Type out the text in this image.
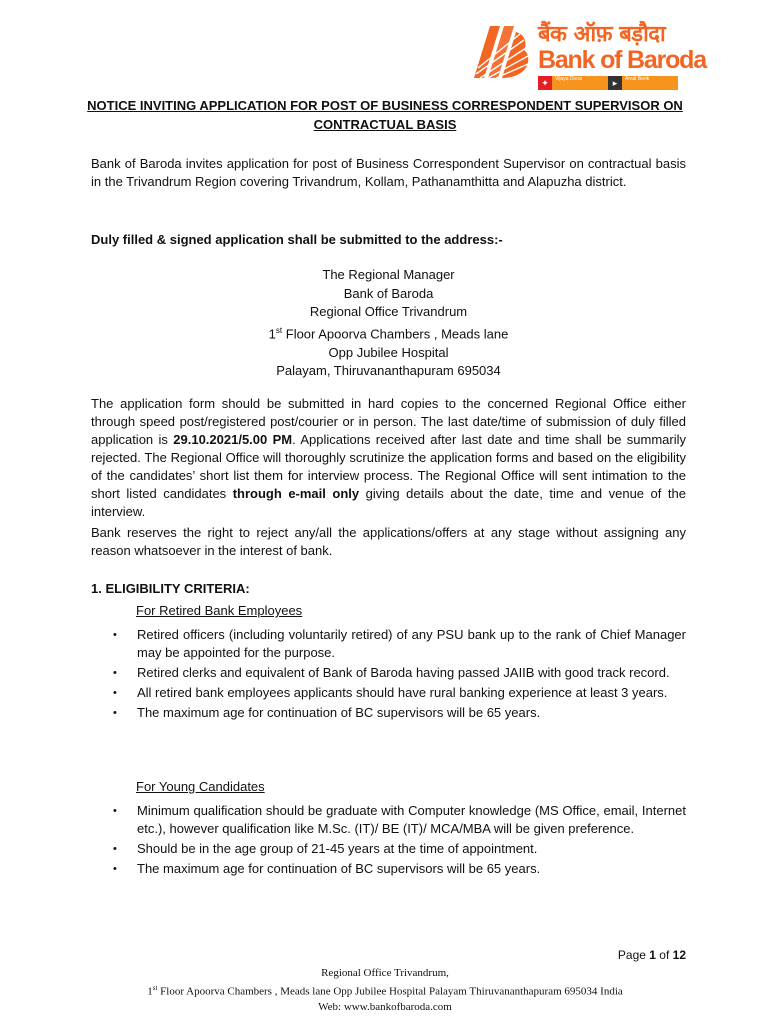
बैंक ऑफ़ बड़ौदा
Bank of Baroda
✦	Vijaya Dena	▸	Amal Bank
NOTICE INVITING APPLICATION FOR POST OF BUSINESS CORRESPONDENT SUPERVISOR ON
CONTRACTUAL BASIS

Bank of Baroda invites application for post of Business Correspondent Supervisor on contractual basis in the Trivandrum Region covering Trivandrum, Kollam, Pathanamthitta and Alapuzha district.

Duly filled & signed application shall be submitted to the address:-

The Regional Manager
Bank of Baroda
Regional Office Trivandrum
1st Floor Apoorva Chambers , Meads lane
Opp Jubilee Hospital
Palayam, Thiruvananthapuram 695034

The application form should be submitted in hard copies to the concerned Regional Office either through speed post/registered post/courier or in person. The last date/time of submission of duly filled application is 29.10.2021/5.00 PM. Applications received after last date and time shall be summarily rejected. The Regional Office will thoroughly scrutinize the application forms and based on the eligibility of the candidates’ short list them for interview process. The Regional Office will sent intimation to the short listed candidates through e-mail only giving details about the date, time and venue of the interview.

Bank reserves the right to reject any/all the applications/offers at any stage without assigning any reason whatsoever in the interest of bank.

1. ELIGIBILITY CRITERIA:
For Retired Bank Employees
• Retired officers (including voluntarily retired) of any PSU bank up to the rank of Chief Manager may be appointed for the purpose.
• Retired clerks and equivalent of Bank of Baroda having passed JAIIB with good track record.
• All retired bank employees applicants should have rural banking experience at least 3 years.
• The maximum age for continuation of BC supervisors will be 65 years.
For Young Candidates
• Minimum qualification should be graduate with Computer knowledge (MS Office, email, Internet etc.), however qualification like M.Sc. (IT)/ BE (IT)/ MCA/MBA will be given preference.
• Should be in the age group of 21-45 years at the time of appointment.
• The maximum age for continuation of BC supervisors will be 65 years.
Page 1 of 12
Regional Office Trivandrum,
1st Floor Apoorva Chambers , Meads lane Opp Jubilee Hospital Palayam Thiruvananthapuram 695034 India
Web: www.bankofbaroda.com
